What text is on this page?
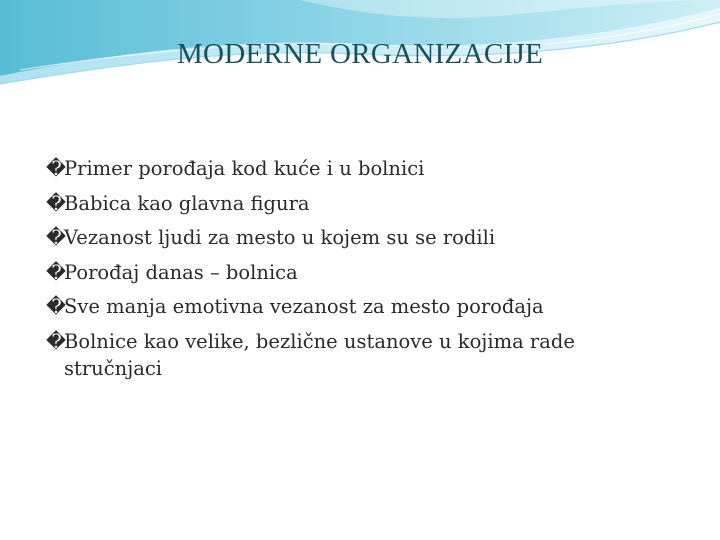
MODERNE ORGANIZACIJE
�Primer porođaja kod kuće i u bolnici
�Babica kao glavna figura
�Vezanost ljudi za mesto u kojem su se rodili
�Porođaj danas – bolnica
�Sve manja emotivna vezanost za mesto porođaja
�Bolnice kao velike, bezlične ustanove u kojima rade
stručnjaci
